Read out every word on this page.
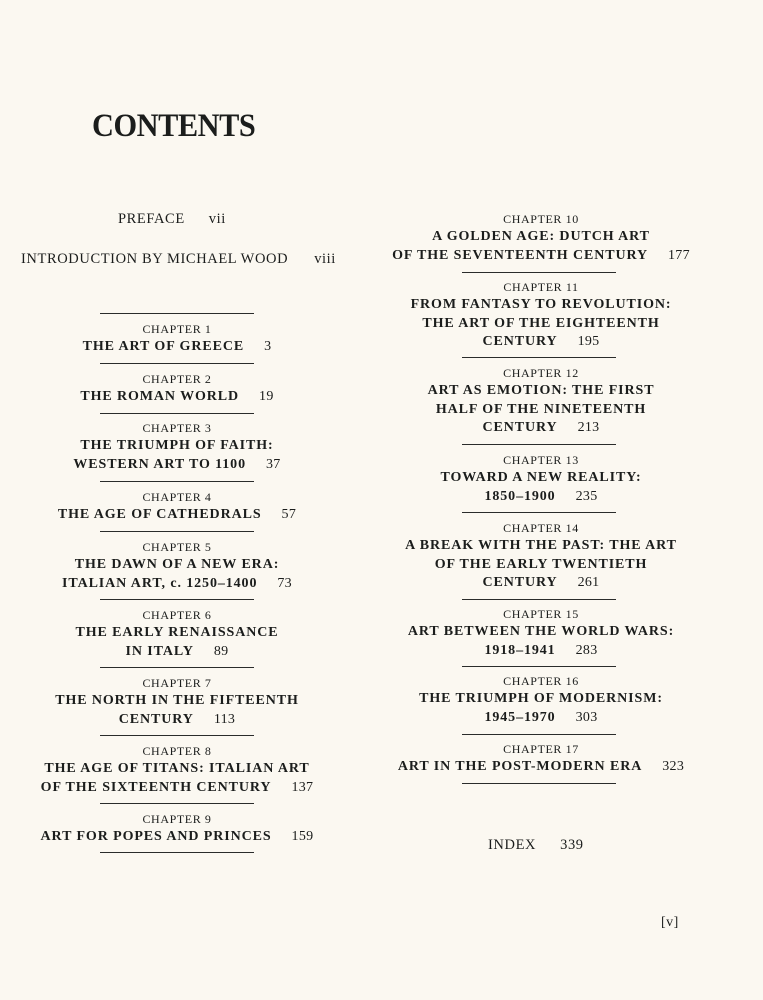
CONTENTS
PREFACE vii
INTRODUCTION BY MICHAEL WOOD viii
CHAPTER 1
THE ART OF GREECE 3
CHAPTER 2
THE ROMAN WORLD 19
CHAPTER 3
THE TRIUMPH OF FAITH:
WESTERN ART TO 1100 37
CHAPTER 4
THE AGE OF CATHEDRALS 57
CHAPTER 5
THE DAWN OF A NEW ERA:
ITALIAN ART, c. 1250–1400 73
CHAPTER 6
THE EARLY RENAISSANCE
IN ITALY 89
CHAPTER 7
THE NORTH IN THE FIFTEENTH
CENTURY 113
CHAPTER 8
THE AGE OF TITANS: ITALIAN ART
OF THE SIXTEENTH CENTURY 137
CHAPTER 9
ART FOR POPES AND PRINCES 159
CHAPTER 10
A GOLDEN AGE: DUTCH ART
OF THE SEVENTEENTH CENTURY 177
CHAPTER 11
FROM FANTASY TO REVOLUTION:
THE ART OF THE EIGHTEENTH
CENTURY 195
CHAPTER 12
ART AS EMOTION: THE FIRST
HALF OF THE NINETEENTH
CENTURY 213
CHAPTER 13
TOWARD A NEW REALITY:
1850–1900 235
CHAPTER 14
A BREAK WITH THE PAST: THE ART
OF THE EARLY TWENTIETH
CENTURY 261
CHAPTER 15
ART BETWEEN THE WORLD WARS:
1918–1941 283
CHAPTER 16
THE TRIUMPH OF MODERNISM:
1945–1970 303
CHAPTER 17
ART IN THE POST-MODERN ERA 323
INDEX 339
[v]
